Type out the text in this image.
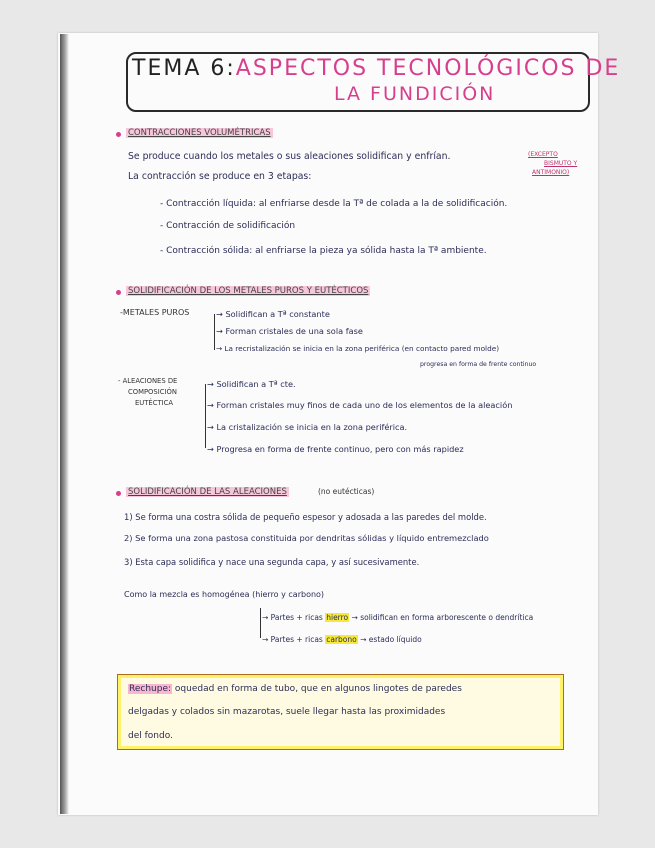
TEMA 6:ASPECTOS TECNOLÓGICOS DE
LA FUNDICIÓN
CONTRACCIONES VOLUMÉTRICAS
Se produce cuando los metales o sus aleaciones solidifican y enfrían.	(EXCEPTO
BISMUTO Y
ANTIMONIO)
La contracción se produce en 3 etapas:
- Contracción líquida: al enfriarse desde la Tª de colada a la de solidificación.
- Contracción de solidificación
- Contracción sólida: al enfriarse la pieza ya sólida hasta la Tª ambiente.
SOLIDIFICACIÓN DE LOS METALES PUROS Y EUTÉCTICOS
-METALES PUROS	→ Solidifican a Tª constante
→ Forman cristales de una sola fase
→ La recristalización se inicia en la zona periférica (en contacto pared molde)
progresa en forma de frente continuo
- ALEACIONES DE
COMPOSICIÓN
EUTÉCTICA
→ Solidifican a Tª cte.
→ Forman cristales muy finos de cada uno de los elementos de la aleación
→ La cristalización se inicia en la zona periférica.
→ Progresa en forma de frente continuo, pero con más rapidez
SOLIDIFICACIÓN DE LAS ALEACIONES	(no eutécticas)
1) Se forma una costra sólida de pequeño espesor y adosada a las paredes del molde.
2) Se forma una zona pastosa constituida por dendritas sólidas y líquido entremezclado
3) Esta capa solidifica y nace una segunda capa, y así sucesivamente.
Como la mezcla es homogénea (hierro y carbono)
→ Partes + ricas hierro → solidifican en forma arborescente o dendrítica
→ Partes + ricas carbono → estado líquido
Rechupe: oquedad en forma de tubo, que en algunos lingotes de paredes
delgadas y colados sin mazarotas, suele llegar hasta las proximidades
del fondo.
